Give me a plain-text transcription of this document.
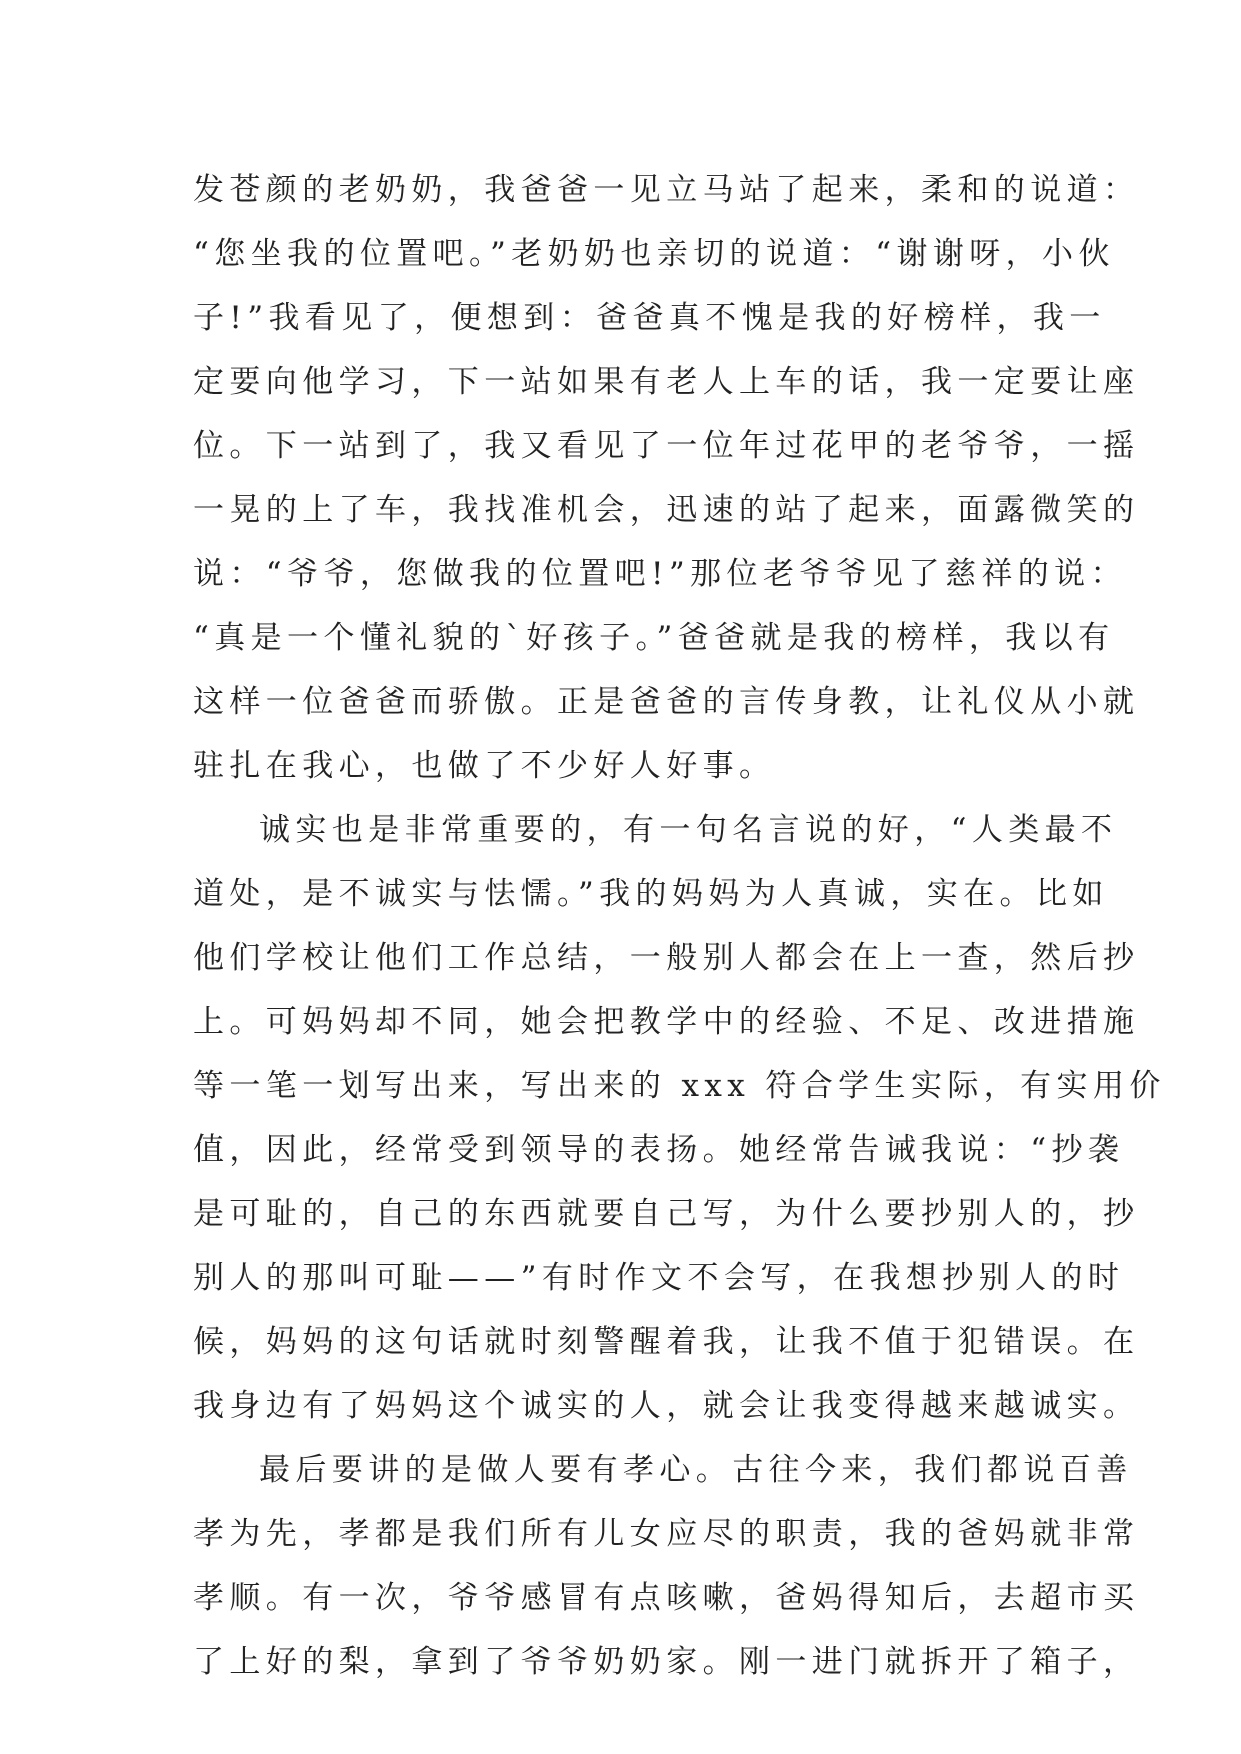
发苍颜的老奶奶，我爸爸一见立马站了起来，柔和的说道：
“您坐我的位置吧。”老奶奶也亲切的说道：“谢谢呀，小伙
子!”我看见了，便想到：爸爸真不愧是我的好榜样，我一
定要向他学习，下一站如果有老人上车的话，我一定要让座
位。下一站到了，我又看见了一位年过花甲的老爷爷，一摇
一晃的上了车，我找准机会，迅速的站了起来，面露微笑的
说：“爷爷，您做我的位置吧!”那位老爷爷见了慈祥的说：
“真是一个懂礼貌的`好孩子。”爸爸就是我的榜样，我以有
这样一位爸爸而骄傲。正是爸爸的言传身教，让礼仪从小就
驻扎在我心，也做了不少好人好事。
诚实也是非常重要的，有一句名言说的好，“人类最不
道处，是不诚实与怯懦。”我的妈妈为人真诚，实在。比如
他们学校让他们工作总结，一般别人都会在上一查，然后抄
上。可妈妈却不同，她会把教学中的经验、不足、改进措施
等一笔一划写出来，写出来的 xxx 符合学生实际，有实用价
值，因此，经常受到领导的表扬。她经常告诫我说：“抄袭
是可耻的，自己的东西就要自己写，为什么要抄别人的，抄
别人的那叫可耻——”有时作文不会写，在我想抄别人的时
候，妈妈的这句话就时刻警醒着我，让我不值于犯错误。在
我身边有了妈妈这个诚实的人，就会让我变得越来越诚实。
最后要讲的是做人要有孝心。古往今来，我们都说百善
孝为先，孝都是我们所有儿女应尽的职责，我的爸妈就非常
孝顺。有一次，爷爷感冒有点咳嗽，爸妈得知后，去超市买
了上好的梨，拿到了爷爷奶奶家。刚一进门就拆开了箱子，
